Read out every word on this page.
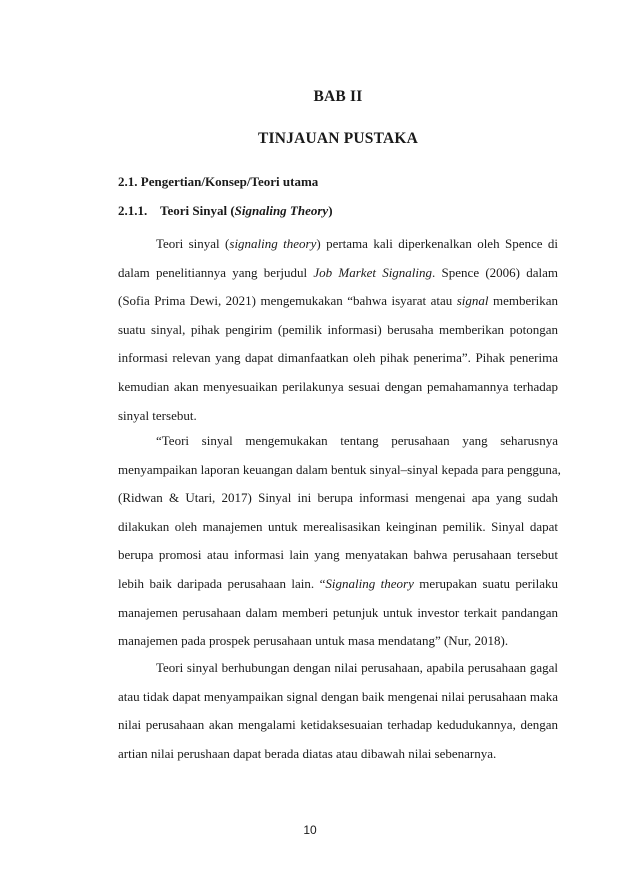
BAB II
TINJAUAN PUSTAKA
2.1. Pengertian/Konsep/Teori utama
2.1.1. Teori Sinyal (Signaling Theory)
Teori sinyal (signaling theory) pertama kali diperkenalkan oleh Spence di
dalam penelitiannya yang berjudul Job Market Signaling. Spence (2006) dalam
(Sofia Prima Dewi, 2021) mengemukakan “bahwa isyarat atau signal memberikan
suatu sinyal, pihak pengirim (pemilik informasi) berusaha memberikan potongan
informasi relevan yang dapat dimanfaatkan oleh pihak penerima”. Pihak penerima
kemudian akan menyesuaikan perilakunya sesuai dengan pemahamannya terhadap
sinyal tersebut.
“Teori sinyal mengemukakan tentang perusahaan yang seharusnya
menyampaikan laporan keuangan dalam bentuk sinyal–sinyal kepada para pengguna,
(Ridwan & Utari, 2017) Sinyal ini berupa informasi mengenai apa yang sudah
dilakukan oleh manajemen untuk merealisasikan keinginan pemilik. Sinyal dapat
berupa promosi atau informasi lain yang menyatakan bahwa perusahaan tersebut
lebih baik daripada perusahaan lain. “Signaling theory merupakan suatu perilaku
manajemen perusahaan dalam memberi petunjuk untuk investor terkait pandangan
manajemen pada prospek perusahaan untuk masa mendatang” (Nur, 2018).
Teori sinyal berhubungan dengan nilai perusahaan, apabila perusahaan gagal
atau tidak dapat menyampaikan signal dengan baik mengenai nilai perusahaan maka
nilai perusahaan akan mengalami ketidaksesuaian terhadap kedudukannya, dengan
artian nilai perushaan dapat berada diatas atau dibawah nilai sebenarnya.
10
